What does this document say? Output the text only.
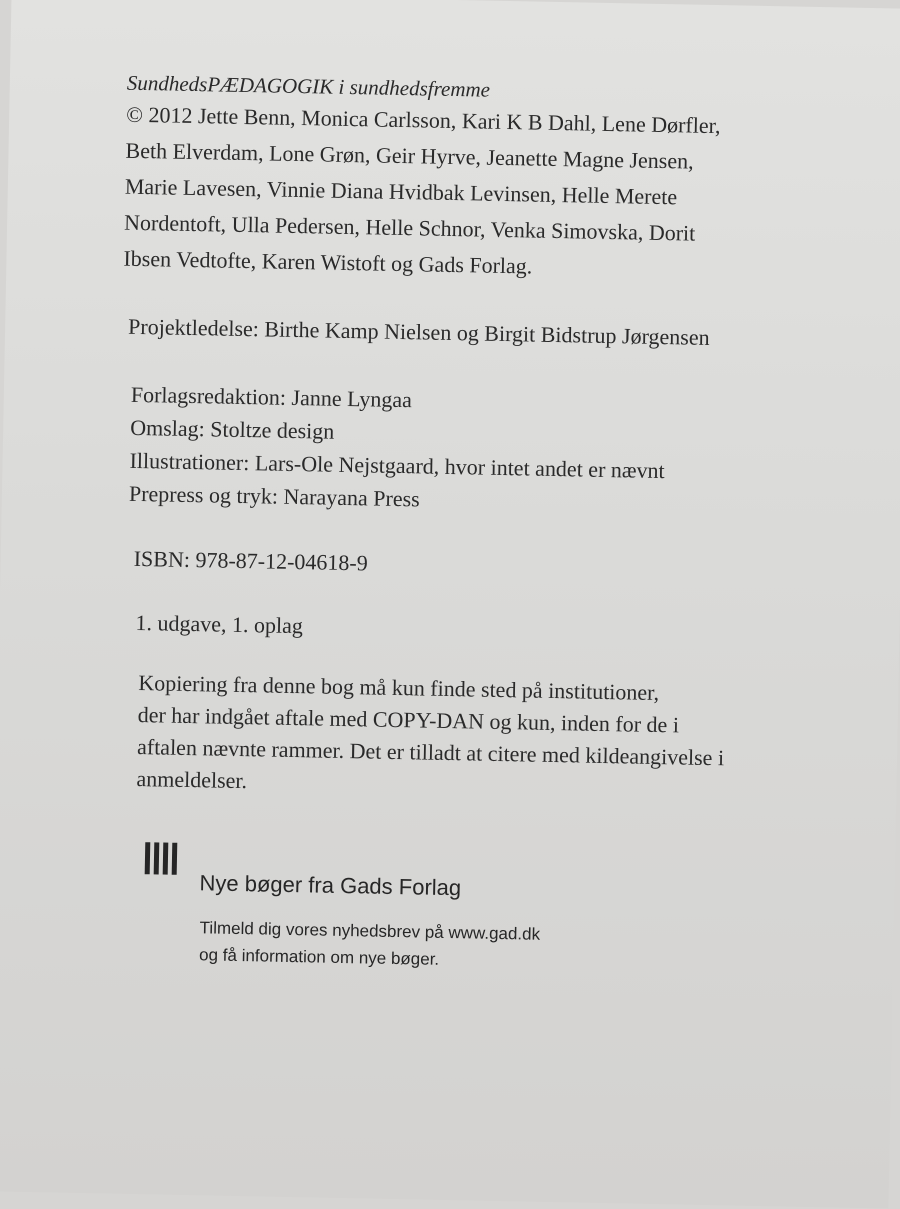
SundhedsPÆDAGOGIK i sundhedsfremme

© 2012 Jette Benn, Monica Carlsson, Kari K B Dahl, Lene Dørfler,

Beth Elverdam, Lone Grøn, Geir Hyrve, Jeanette Magne Jensen,

Marie Lavesen, Vinnie Diana Hvidbak Levinsen, Helle Merete

Nordentoft, Ulla Pedersen, Helle Schnor, Venka Simovska, Dorit

Ibsen Vedtofte, Karen Wistoft og Gads Forlag.

Projektledelse: Birthe Kamp Nielsen og Birgit Bidstrup Jørgensen

Forlagsredaktion: Janne Lyngaa

Omslag: Stoltze design

Illustrationer: Lars-Ole Nejstgaard, hvor intet andet er nævnt

Prepress og tryk: Narayana Press

ISBN: 978-87-12-04618-9

1. udgave, 1. oplag

Kopiering fra denne bog må kun finde sted på institutioner,

der har indgået aftale med COPY-DAN og kun, inden for de i

aftalen nævnte rammer. Det er tilladt at citere med kildeangivelse i

anmeldelser.

Nye bøger fra Gads Forlag

Tilmeld dig vores nyhedsbrev på www.gad.dk

og få information om nye bøger.
